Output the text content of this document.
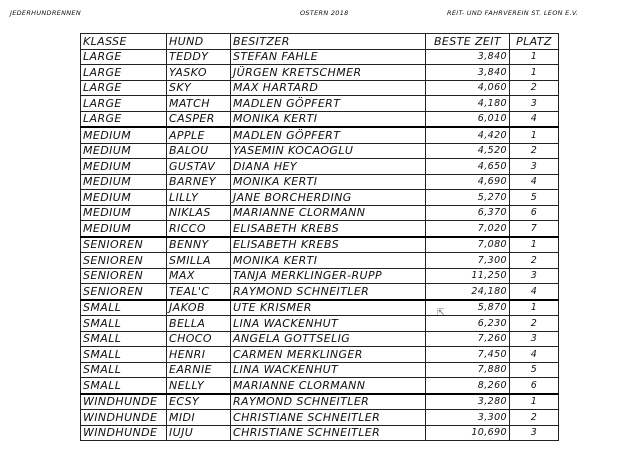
JEDERHUNDRENNEN	OSTERN 2018	REIT- UND FAHRVEREIN ST. LEON E.V.
KLASSE	HUND	BESITZER	BESTE ZEIT	PLATZ
LARGE	TEDDY	STEFAN FAHLE	3,840	1
LARGE	YASKO	JÜRGEN KRETSCHMER	3,840	1
LARGE	SKY	MAX HARTARD	4,060	2
LARGE	MATCH	MADLEN GÖPFERT	4,180	3
LARGE	CASPER	MONIKA KERTI	6,010	4
MEDIUM	APPLE	MADLEN GÖPFERT	4,420	1
MEDIUM	BALOU	YASEMIN KOCAOGLU	4,520	2
MEDIUM	GUSTAV	DIANA HEY	4,650	3
MEDIUM	BARNEY	MONIKA KERTI	4,690	4
MEDIUM	LILLY	JANE BORCHERDING	5,270	5
MEDIUM	NIKLAS	MARIANNE CLORMANN	6,370	6
MEDIUM	RICCO	ELISABETH KREBS	7,020	7
SENIOREN	BENNY	ELISABETH KREBS	7,080	1
SENIOREN	SMILLA	MONIKA KERTI	7,300	2
SENIOREN	MAX	TANJA MERKLINGER-RUPP	11,250	3
SENIOREN	TEAL'C	RAYMOND SCHNEITLER	24,180	4
SMALL	JAKOB	UTE KRISMER	5,870	1
SMALL	BELLA	LINA WACKENHUT	6,230	2
SMALL	CHOCO	ANGELA GOTTSELIG	7,260	3
SMALL	HENRI	CARMEN MERKLINGER	7,450	4
SMALL	EARNIE	LINA WACKENHUT	7,880	5
SMALL	NELLY	MARIANNE CLORMANN	8,260	6
WINDHUNDE	ECSY	RAYMOND SCHNEITLER	3,280	1
WINDHUNDE	MIDI	CHRISTIANE SCHNEITLER	3,300	2
WINDHUNDE	IUJU	CHRISTIANE SCHNEITLER	10,690	3
⇱
